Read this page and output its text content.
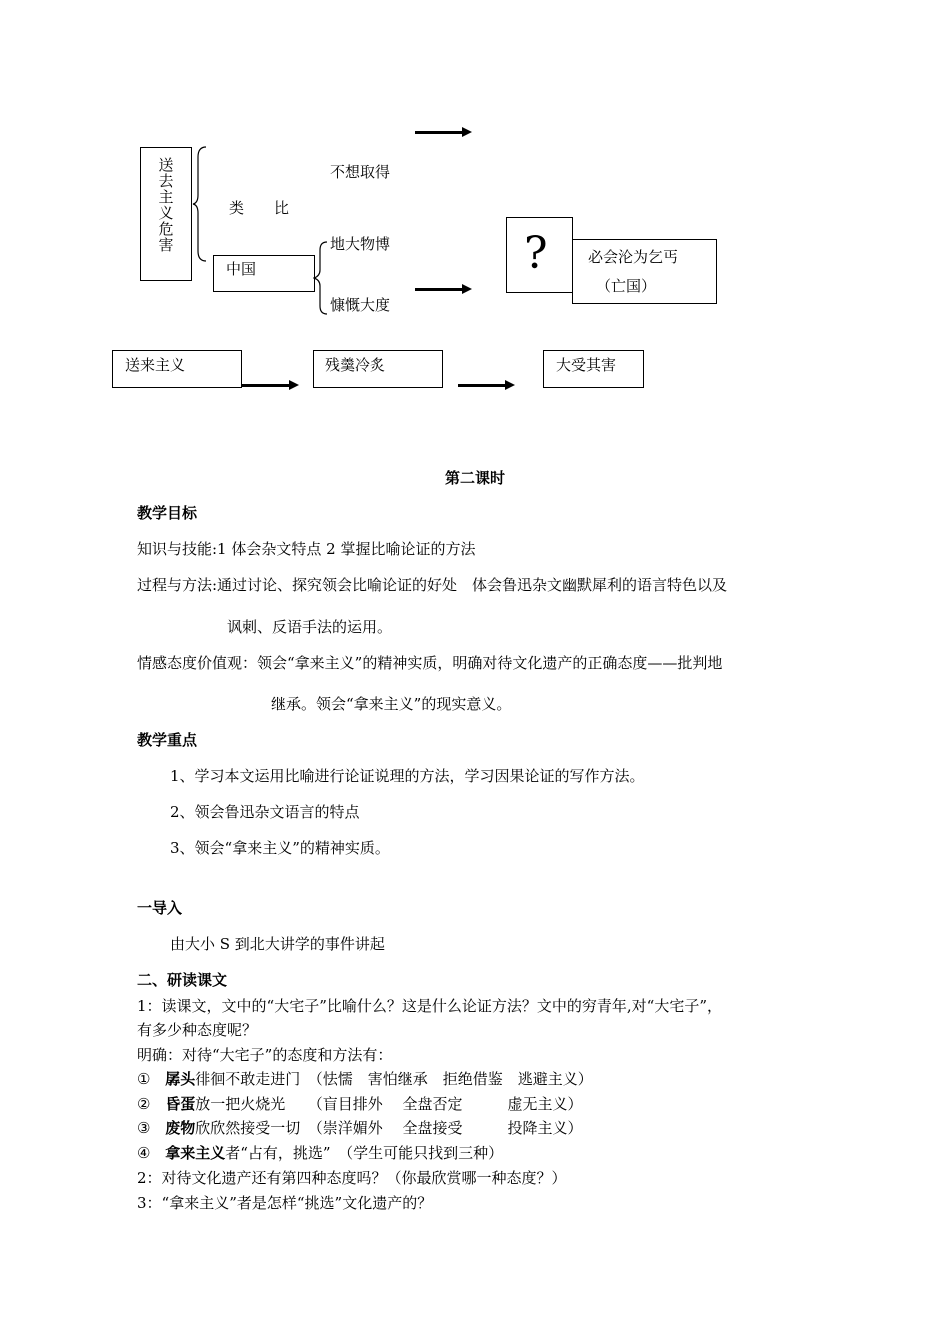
送去主义危害
不想取得
类　　比
中国
地大物博
慷慨大度
?	必会沦为乞丐
（亡国）
送来主义	残羹冷炙	大受其害
第二课时
教学目标
知识与技能:1 体会杂文特点 2 掌握比喻论证的方法
过程与方法:通过讨论、探究领会比喻论证的好处　体会鲁迅杂文幽默犀利的语言特色以及
讽刺、反语手法的运用。
情感态度价值观：领会“拿来主义”的精神实质，明确对待文化遗产的正确态度——批判地
继承。领会“拿来主义”的现实意义。
教学重点
1、学习本文运用比喻进行论证说理的方法，学习因果论证的写作方法。
2、领会鲁迅杂文语言的特点
3、领会“拿来主义”的精神实质。
一导入
由大小 S 到北大讲学的事件讲起
二、研读课文
1：读课文，文中的“大宅子”比喻什么？这是什么论证方法？文中的穷青年,对“大宅子”，
有多少种态度呢？
明确：对待“大宅子”的态度和方法有：
① 孱头徘徊不敢走进门　（怯懦　害怕继承　拒绝借鉴　逃避主义）
② 昏蛋放一把火烧光　　（盲目排外　 全盘否定　　　虚无主义）
③ 废物欣欣然接受一切　（崇洋媚外　 全盘接受　　　投降主义）
④ 拿来主义者“占有，挑选”　（学生可能只找到三种）
2：对待文化遗产还有第四种态度吗？（你最欣赏哪一种态度？）
3：“拿来主义”者是怎样“挑选”文化遗产的？
